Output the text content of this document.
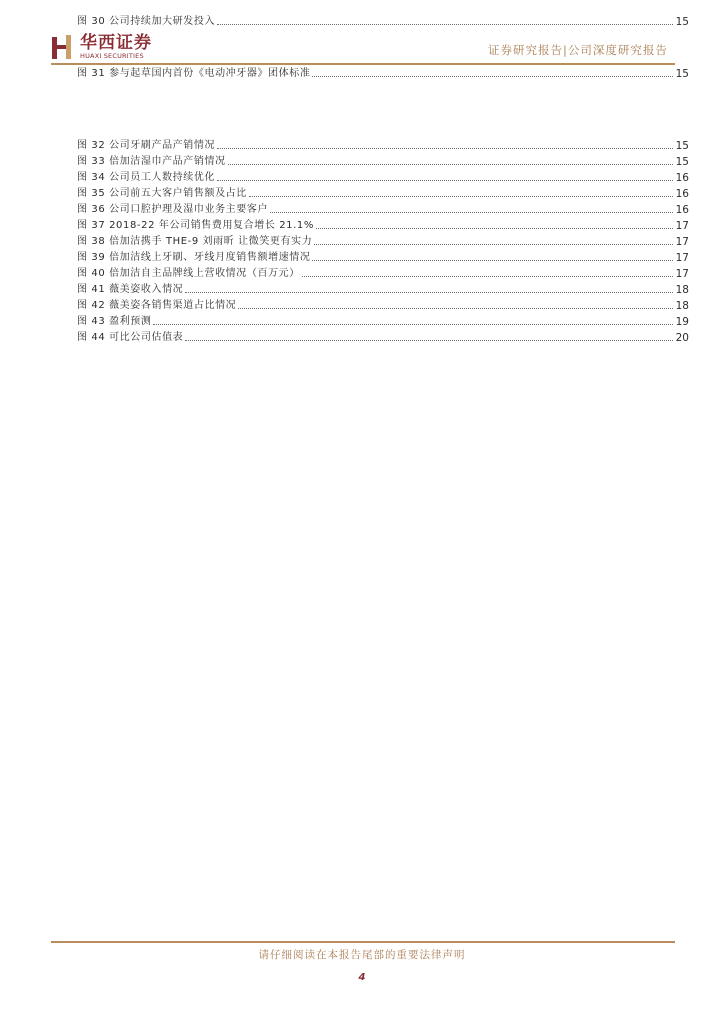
华西证券
HUAXI SECURITIES	证券研究报告|公司深度研究报告
图 30 公司持续加大研发投入	15
图 31 参与起草国内首份《电动冲牙器》团体标准	15
图 32 公司牙刷产品产销情况	15
图 33 倍加洁湿巾产品产销情况	15
图 34 公司员工人数持续优化	16
图 35 公司前五大客户销售额及占比	16
图 36 公司口腔护理及湿巾业务主要客户	16
图 37 2018-22 年公司销售费用复合增长 21.1%	17
图 38 倍加洁携手 THE-9 刘雨昕 让微笑更有实力	17
图 39 倍加洁线上牙刷、牙线月度销售额增速情况	17
图 40 倍加洁自主品牌线上营收情况（百万元）	17
图 41 薇美姿收入情况	18
图 42 薇美姿各销售渠道占比情况	18
图 43 盈利预测	19
图 44 可比公司估值表	20
请仔细阅读在本报告尾部的重要法律声明
4
